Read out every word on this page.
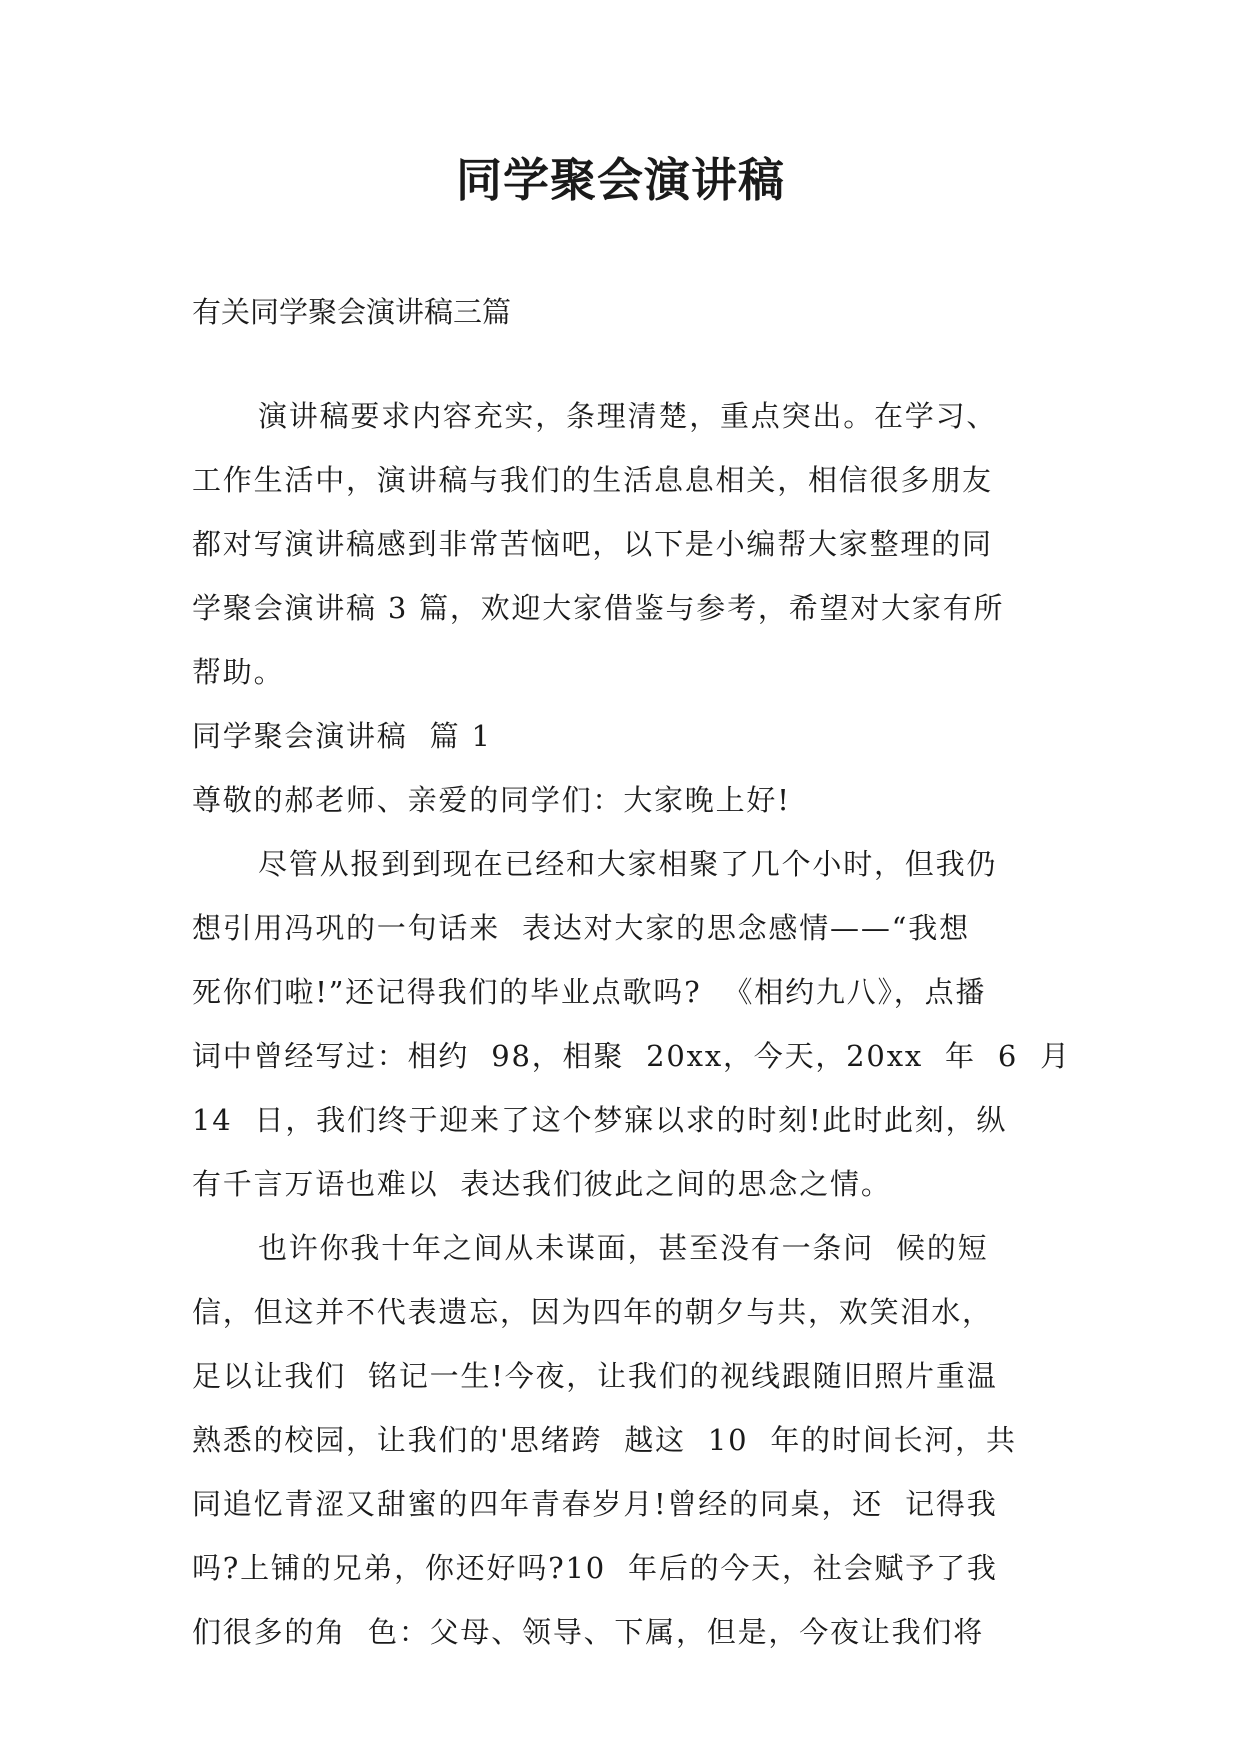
同学聚会演讲稿
有关同学聚会演讲稿三篇
演讲稿要求内容充实，条理清楚，重点突出。在学习、
工作生活中，演讲稿与我们的生活息息相关，相信很多朋友
都对写演讲稿感到非常苦恼吧，以下是小编帮大家整理的同
学聚会演讲稿 3 篇，欢迎大家借鉴与参考，希望对大家有所
帮助。
同学聚会演讲稿  篇 1
尊敬的郝老师、亲爱的同学们：大家晚上好!
尽管从报到到现在已经和大家相聚了几个小时，但我仍
想引用冯巩的一句话来  表达对大家的思念感情——“我想
死你们啦!”还记得我们的毕业点歌吗?  《相约九八》，点播
词中曾经写过：相约  98，相聚  20xx，今天，20xx  年  6  月
14  日，我们终于迎来了这个梦寐以求的时刻!此时此刻，纵
有千言万语也难以  表达我们彼此之间的思念之情。
也许你我十年之间从未谋面，甚至没有一条问  候的短
信，但这并不代表遗忘，因为四年的朝夕与共，欢笑泪水，
足以让我们  铭记一生!今夜，让我们的视线跟随旧照片重温
熟悉的校园，让我们的'思绪跨  越这  10  年的时间长河，共
同追忆青涩又甜蜜的四年青春岁月!曾经的同桌，还  记得我
吗?上铺的兄弟，你还好吗?10  年后的今天，社会赋予了我
们很多的角  色：父母、领导、下属，但是，今夜让我们将
